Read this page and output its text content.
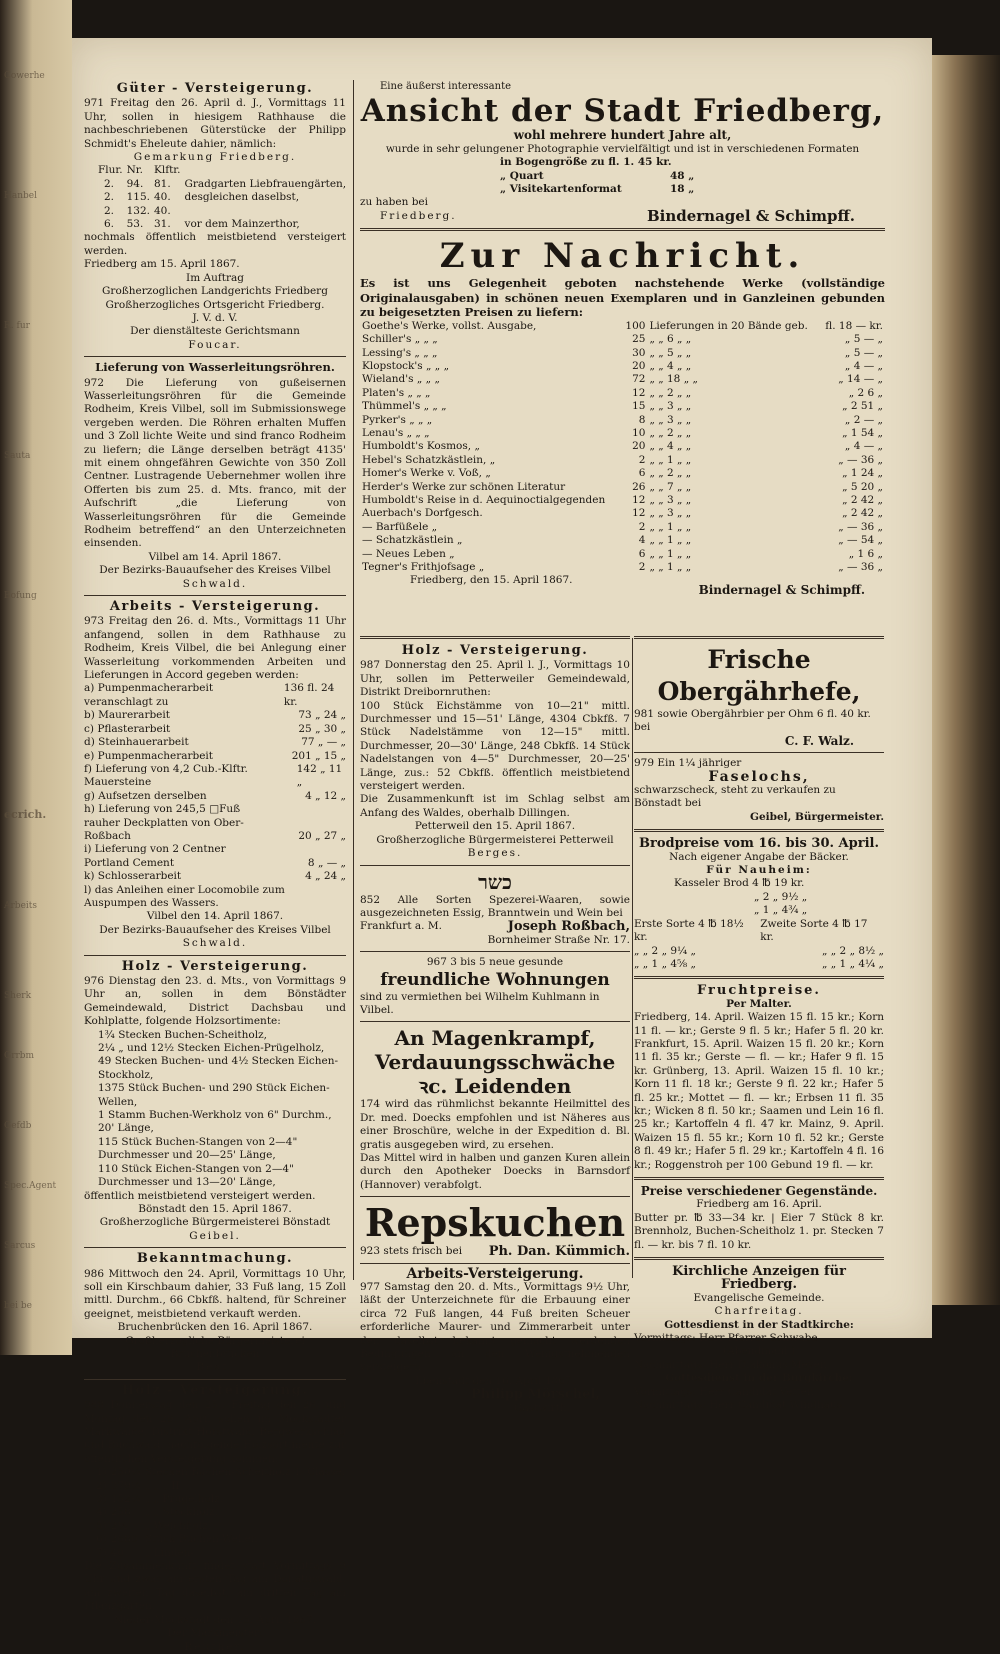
Cowerhe
Hanbel
R. fur
Sauta
Bofung
ecrich.
Arbeits
Sherk
Grrbm
Gefdb
Spec.Agent
Sarcus
bei be
Güter - Versteigerung.

971 Freitag den 26. April d. J., Vormittags 11 Uhr, sollen in hiesigem Rathhause die nachbeschriebenen Güterstücke der Philipp Schmidt's Eheleute dahier, nämlich:

Gemarkung Friedberg.
Flur.	Nr.	Klftr.	
2.	94.	81.	Gradgarten Liebfrauengärten,
2.	115.	40.	desgleichen daselbst,
2.	132.	40.	
6.	53.	31.	vor dem Mainzerthor,

nochmals öffentlich meistbietend versteigert werden.

Friedberg am 15. April 1867.
Im Auftrag
Großherzoglichen Landgerichts Friedberg
Großherzogliches Ortsgericht Friedberg.
J. V. d. V.
Der dienstälteste Gerichtsmann
Foucar.
Lieferung von Wasserleitungsröhren.

972 Die Lieferung von gußeisernen Wasserleitungsröhren für die Gemeinde Rodheim, Kreis Vilbel, soll im Submissionswege vergeben werden. Die Röhren erhalten Muffen und 3 Zoll lichte Weite und sind franco Rodheim zu liefern; die Länge derselben beträgt 4135' mit einem ohngefähren Gewichte von 350 Zoll Centner. Lustragende Uebernehmer wollen ihre Offerten bis zum 25. d. Mts. franco, mit der Aufschrift „die Lieferung von Wasserleitungsröhren für die Gemeinde Rodheim betreffend“ an den Unterzeichneten einsenden.

Vilbel am 14. April 1867.
Der Bezirks-Bauaufseher des Kreises Vilbel
Schwald.
Arbeits - Versteigerung.

973 Freitag den 26. d. Mts., Vormittags 11 Uhr anfangend, sollen in dem Rathhause zu Rodheim, Kreis Vilbel, die bei Anlegung einer Wasserleitung vorkommenden Arbeiten und Lieferungen in Accord gegeben werden:

a) Pumpenmacherarbeit veranschlagt zu
136 fl. 24 kr.
b) Maurerarbeit	73 „ 24 „
c) Pflasterarbeit	25 „ 30 „
d) Steinhauerarbeit	77 „ — „
e) Pumpenmacherarbeit	201 „ 15 „
f) Lieferung von 4,2 Cub.-Klftr. Mauersteine
142 „ 11 „
g) Aufsetzen derselben	4 „ 12 „
h) Lieferung von 245,5 □Fuß rauher Deckplatten von Ober-Roßbach	20 „ 27 „
i) Lieferung von 2 Centner Portland Cement	8 „ — „
k) Schlosserarbeit	4 „ 24 „
l) das Anleihen einer Locomobile zum Auspumpen des Wassers.
Vilbel den 14. April 1867.
Der Bezirks-Bauaufseher des Kreises Vilbel
Schwald.
Holz - Versteigerung.

976 Dienstag den 23. d. Mts., von Vormittags 9 Uhr an, sollen in dem Bönstädter Gemeindewald, District Dachsbau und Kohlplatte, folgende Holzsortimente:

1¾ Stecken Buchen-Scheitholz,
2¼ „ und 12½ Stecken Eichen-Prügelholz,
49 Stecken Buchen- und 4½ Stecken Eichen-Stockholz,
1375 Stück Buchen- und 290 Stück Eichen-Wellen,
1 Stamm Buchen-Werkholz von 6" Durchm., 20' Länge,
115 Stück Buchen-Stangen von 2—4" Durchmesser und 20—25' Länge,
110 Stück Eichen-Stangen von 2—4" Durchmesser und 13—20' Länge,

öffentlich meistbietend versteigert werden.

Bönstadt den 15. April 1867.
Großherzogliche Bürgermeisterei Bönstadt
Geibel.
Bekanntmachung.

986 Mittwoch den 24. April, Vormittags 10 Uhr, soll ein Kirschbaum dahier, 33 Fuß lang, 15 Zoll mittl. Durchm., 66 Cbkfß. haltend, für Schreiner geeignet, meistbietend verkauft werden.

Bruchenbrücken den 16. April 1867.
Großherzogliche Bürgermeisterei Bruchenbrücken
Best.
Holz - Versteigerung.

988 Donnerstag den 25., Freitag den 26. und Montag den 29. April sollen im Mockstädter Markwalde, Distrikt Horstwald, Bergwerkschlag und Buchwald, nachfolgende Holzsortimente zur öffentlichen Versteigerung kommen:

1)	250¼	Stecken Buchen-Scheitholz 1. Classe,
2)	379¼	„ „ „ II. „
3)	152¼	„ „ Prügelholz,
4)	258	„ „ Stockholz,
5)	2½	„ Weichholz,
6)	2680	Stück Buchen-Wellen,
7)	40	„ Linden-

Die Zusammenkunft findet statt Vormittags 9 Uhr und zwar am ersten Tag am Donatuswald, am zweiten Tag daselbst, am dritten Tag am Pflanzgarten.

Nieder-Mockstadt den 15. April 1867.
Der Markmeister:
Reuther.
Eine äußerst interessante
Ansicht der Stadt Friedberg,
wohl mehrere hundert Jahre alt,
wurde in sehr gelungener Photographie vervielfältigt und ist in verschiedenen Formaten
in Bogengröße zu fl. 1. 45 kr.
„ Quart	48 „
„ Visitekartenformat	18 „
zu haben bei
Friedberg.	Bindernagel & Schimpff.
Zur Nachricht.

Es ist uns Gelegenheit geboten nachstehende Werke (vollständige Originalausgaben) in schönen neuen Exemplaren und in Ganzleinen gebunden zu beigesetzten Preisen zu liefern:

Goethe's Werke, vollst. Ausgabe,	100	Lieferungen in 20 Bände geb.	fl. 18 — kr.
Schiller's „ „ „	25	„ „ 6 „ „	„ 5 — „
Lessing's „ „ „	30	„ „ 5 „ „	„ 5 — „
Klopstock's „ „ „	20	„ „ 4 „ „	„ 4 — „
Wieland's „ „ „	72	„ „ 18 „ „	„ 14 — „
Platen's „ „ „	12	„ „ 2 „ „	„ 2 6 „
Thümmel's „ „ „	15	„ „ 3 „ „	„ 2 51 „
Pyrker's „ „ „	8	„ „ 3 „ „	„ 2 — „
Lenau's „ „ „	10	„ „ 2 „ „	„ 1 54 „
Humboldt's Kosmos, „	20	„ „ 4 „ „	„ 4 — „
Hebel's Schatzkästlein, „	2	„ „ 1 „ „	„ — 36 „
Homer's Werke v. Voß, „	6	„ „ 2 „ „	„ 1 24 „
Herder's Werke zur schönen Literatur	26	„ „ 7 „ „	„ 5 20 „
Humboldt's Reise in d. Aequinoctialgegenden	12	„ „ 3 „ „	„ 2 42 „
Auerbach's Dorfgesch.	12	„ „ 3 „ „	„ 2 42 „
— Barfüßele „	2	„ „ 1 „ „	„ — 36 „
— Schatzkästlein „	4	„ „ 1 „ „	„ — 54 „
— Neues Leben „	6	„ „ 1 „ „	„ 1 6 „
Tegner's Frithjofsage „	2	„ „ 1 „ „	„ — 36 „
Friedberg, den 15. April 1867.
Bindernagel & Schimpff.
Holz - Versteigerung.

987 Donnerstag den 25. April l. J., Vormittags 10 Uhr, sollen im Petterweiler Gemeindewald, Distrikt Dreibornruthen:

100 Stück Eichstämme von 10—21" mittl. Durchmesser und 15—51' Länge, 4304 Cbkfß. 7 Stück Nadelstämme von 12—15" mittl. Durchmesser, 20—30' Länge, 248 Cbkfß. 14 Stück Nadelstangen von 4—5" Durchmesser, 20—25' Länge, zus.: 52 Cbkfß. öffentlich meistbietend versteigert werden.

Die Zusammenkunft ist im Schlag selbst am Anfang des Waldes, oberhalb Dillingen.

Petterweil den 15. April 1867.
Großherzogliche Bürgermeisterei Petterweil
Berges.
כשר

852 Alle Sorten Spezerei-Waaren, sowie ausgezeichneten Essig, Branntwein und Wein bei

Frankfurt a. M.	Joseph Roßbach,
Bornheimer Straße Nr. 17.
967 3 bis 5 neue gesunde
freundliche Wohnungen
sind zu vermiethen bei Wilhelm Kuhlmann in Vilbel.
An Magenkrampf, Verdauungsschwäche ꝛc. Leidenden

174 wird das rühmlichst bekannte Heilmittel des Dr. med. Doecks empfohlen und ist Näheres aus einer Broschüre, welche in der Expedition d. Bl. gratis ausgegeben wird, zu ersehen.

Das Mittel wird in halben und ganzen Kuren allein durch den Apotheker Doecks in Barnsdorf (Hannover) verabfolgt.

Repskuchen
923 stets frisch bei Ph. Dan. Kümmich.
Arbeits-Versteigerung.

977 Samstag den 20. d. Mts., Vormittags 9½ Uhr, läßt der Unterzeichnete für die Erbauung einer circa 72 Fuß langen, 44 Fuß breiten Scheuer erforderliche Maurer- und Zimmerarbeit unter den daselbst bekannt gemacht werdenden Bedingungen an den Wenigstnehmenden versteigern.

Ilbenstadt den 16. April 1867.
Philipp Mörschel,
Gastwirth.
Frische Obergährhefe,
981 sowie Obergährbier per Ohm 6 fl. 40 kr. bei
C. F. Walz.
979 Ein 1¼ jähriger
Faselochs,
schwarzscheck, steht zu verkaufen zu Bönstadt bei
Geibel, Bürgermeister.
Brodpreise vom 16. bis 30. April.
Nach eigener Angabe der Bäcker.
Für Nauheim:
Kasseler Brod 4 ℔ 19 kr.
„ 2 „ 9½ „
„ 1 „ 4¾ „
Erste Sorte 4 ℔ 18½ kr.
Zweite Sorte 4 ℔ 17 kr.
„ „ 2 „ 9¼ „	„ „ 2 „ 8½ „
„ „ 1 „ 4⅝ „	„ „ 1 „ 4¼ „
Fruchtpreise.
Per Malter.

Friedberg, 14. April. Waizen 15 fl. 15 kr.; Korn 11 fl. — kr.; Gerste 9 fl. 5 kr.; Hafer 5 fl. 20 kr. Frankfurt, 15. April. Waizen 15 fl. 20 kr.; Korn 11 fl. 35 kr.; Gerste — fl. — kr.; Hafer 9 fl. 15 kr. Grünberg, 13. April. Waizen 15 fl. 10 kr.; Korn 11 fl. 18 kr.; Gerste 9 fl. 22 kr.; Hafer 5 fl. 25 kr.; Mottet — fl. — kr.; Erbsen 11 fl. 35 kr.; Wicken 8 fl. 50 kr.; Saamen und Lein 16 fl. 25 kr.; Kartoffeln 4 fl. 47 kr. Mainz, 9. April. Waizen 15 fl. 55 kr.; Korn 10 fl. 52 kr.; Gerste 8 fl. 49 kr.; Hafer 5 fl. 29 kr.; Kartoffeln 4 fl. 16 kr.; Roggenstroh per 100 Gebund 19 fl. — kr.

Preise verschiedener Gegenstände.
Friedberg am 16. April.

Butter pr. ℔ 33—34 kr. | Eier 7 Stück 8 kr. Brennholz, Buchen-Scheitholz 1. pr. Stecken 7 fl. — kr. bis 7 fl. 10 kr.

Kirchliche Anzeigen für Friedberg.
Evangelische Gemeinde.
Charfreitag.
Gottesdienst in der Stadtkirche:
Vormittags: Herr Pfarrer Schwabe.
(Abendmahl.)
Nachmittags: Herr Diakonus Meyer.
Gottesdienst in der Burgkirche:
Vormittags: Herr Candidat Vetter.
Nachmittags: Herr Candidat Windhaus.
